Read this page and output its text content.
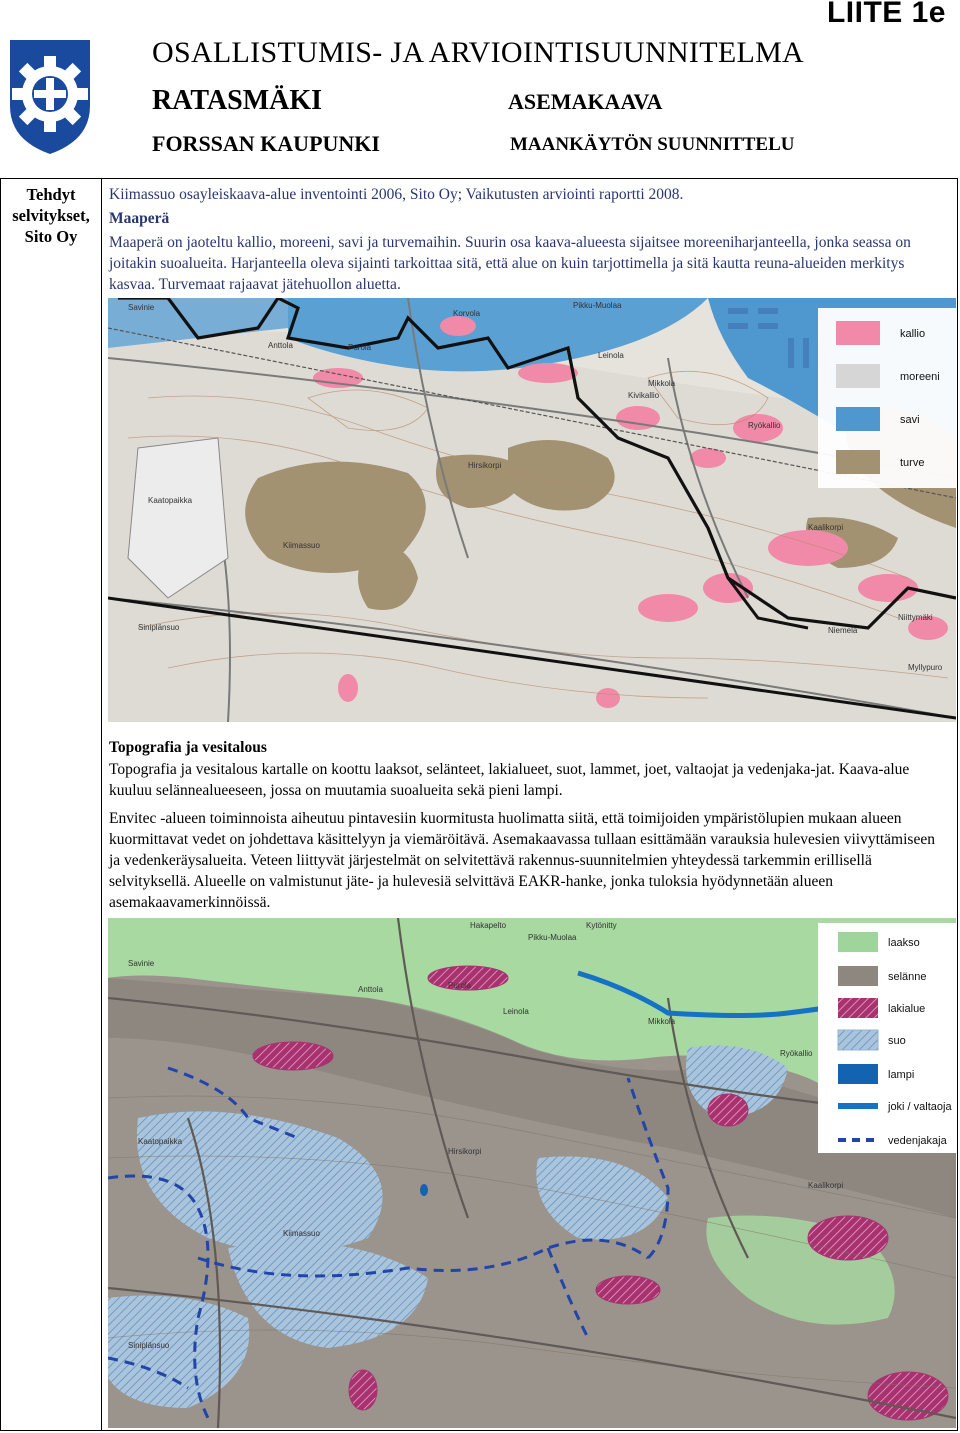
LIITE 1e
OSALLISTUMIS- JA ARVIOINTISUUNNITELMA
RATASMÄKI	ASEMAKAAVA
FORSSAN KAUPUNKI	MAANKÄYTÖN SUUNNITTELU
Tehdyt
selvitykset,
Sito Oy
Kiimassuo osayleiskaava-alue inventointi 2006, Sito Oy; Vaikutusten arviointi raportti 2008.
Maaperä
Maaperä on jaoteltu kallio, moreeni, savi ja turvemaihin. Suurin osa kaava-alueesta sijaitsee moreeniharjanteella, jonka seassa on joitakin suoalueita. Harjanteella oleva sijainti tarkoittaa sitä, että alue on kuin tarjottimella ja sitä kautta reuna-alueiden merkitys kasvaa. Turvemaat rajaavat jätehuollon aluetta.
Savinie
Anttola	Purola
Korvola
Pikku-Muolaa
Leinola
Mikkola
Kivikallio
Ryökallio
Kaatopaikka
Hirsikorpi
Kiimassuo
Kaalikorpi
Niemelä
Niittymäki
Myllypuro
Siniplänsuo
kallio
moreeni
savi
turve
Topografia ja vesitalous
Topografia ja vesitalous kartalle on koottu laaksot, selänteet, lakialueet, suot, lammet, joet, valtaojat ja vedenjaka-jat. Kaava-alue kuuluu selännealueeseen, jossa on muutamia suoalueita sekä pieni lampi.
Envitec -alueen toiminnoista aiheutuu pintavesiin kuormitusta huolimatta siitä, että toimijoiden ympäristölupien mukaan alueen kuormittavat vedet on johdettava käsittelyyn ja viemäröitävä. Asemakaavassa tullaan esittämään varauksia hulevesien viivyttämiseen ja vedenkeräysalueita. Veteen liittyvät järjestelmät on selvitettävä rakennus-suunnitelmien yhteydessä tarkemmin erillisellä selvityksellä. Alueelle on valmistunut jäte- ja hulevesiä selvittävä EAKR-hanke, jonka tuloksia hyödynnetään alueen asemakaavamerkinnöissä.
Hakapelto	Kytönitty
Pikku-Muolaa
Savinie
Anttola	Purola
Leinola
Mikkola
Ryökallio
Kaatopaikka
Hirsikorpi
Kiimassuo
Kaalikorpi
Siniplänsuo
laakso
selänne
lakialue
suo
lampi
joki / valtaoja
vedenjakaja
